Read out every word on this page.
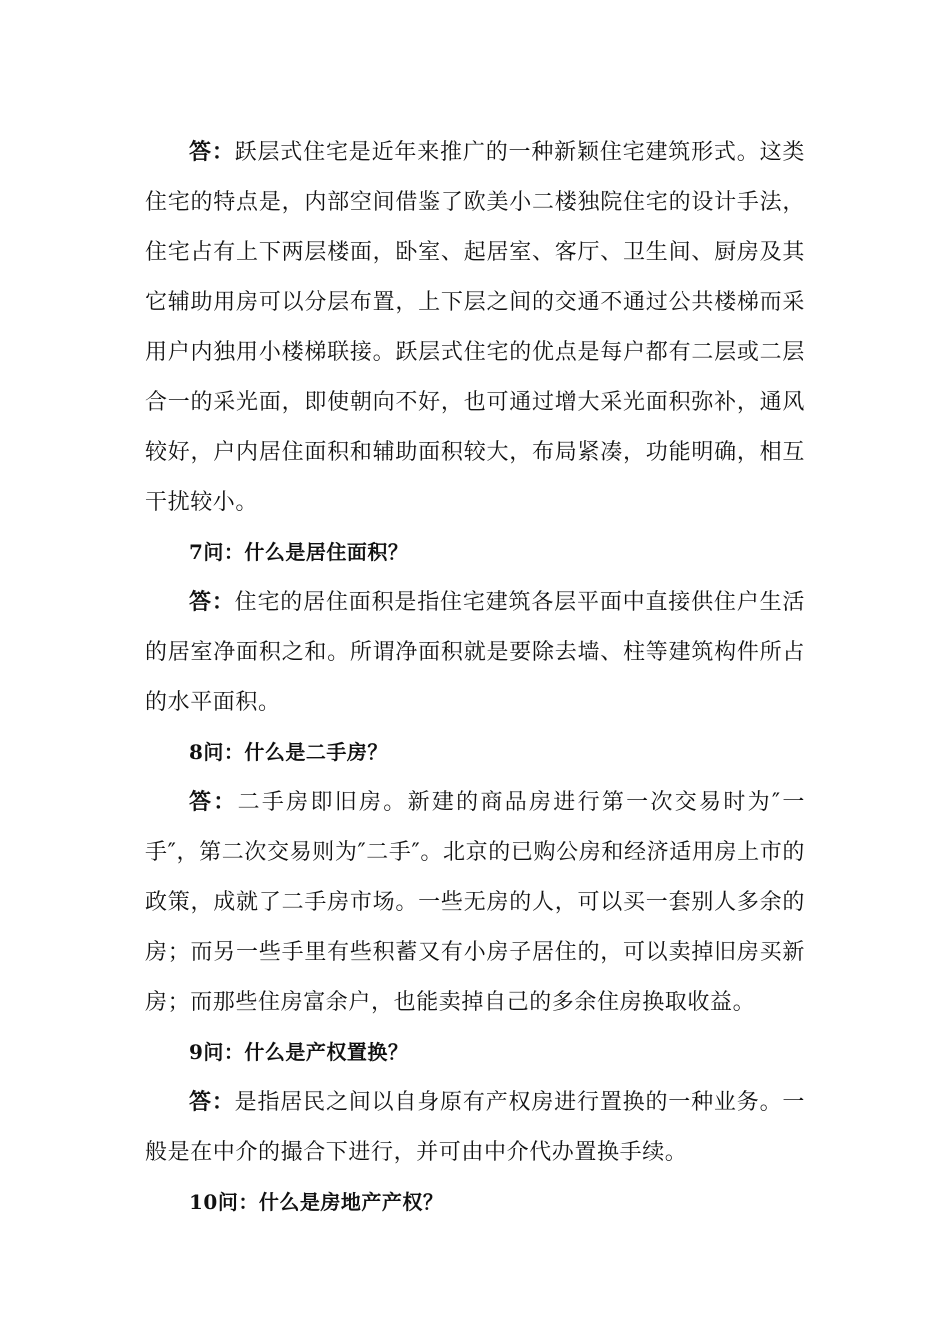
答：跃层式住宅是近年来推广的一种新颖住宅建筑形式。这类住宅的特点是，内部空间借鉴了欧美小二楼独院住宅的设计手法，住宅占有上下两层楼面，卧室、起居室、客厅、卫生间、厨房及其它辅助用房可以分层布置，上下层之间的交通不通过公共楼梯而采用户内独用小楼梯联接。跃层式住宅的优点是每户都有二层或二层合一的采光面，即使朝向不好，也可通过增大采光面积弥补，通风较好，户内居住面积和辅助面积较大，布局紧凑，功能明确，相互干扰较小。

7问：什么是居住面积？

答：住宅的居住面积是指住宅建筑各层平面中直接供住户生活的居室净面积之和。所谓净面积就是要除去墙、柱等建筑构件所占的水平面积。

8问：什么是二手房？

答：二手房即旧房。新建的商品房进行第一次交易时为″一手″，第二次交易则为″二手″。北京的已购公房和经济适用房上市的政策，成就了二手房市场。一些无房的人，可以买一套别人多余的房；而另一些手里有些积蓄又有小房子居住的，可以卖掉旧房买新房；而那些住房富余户，也能卖掉自己的多余住房换取收益。

9问：什么是产权置换？

答：是指居民之间以自身原有产权房进行置换的一种业务。一般是在中介的撮合下进行，并可由中介代办置换手续。

10问：什么是房地产产权？
